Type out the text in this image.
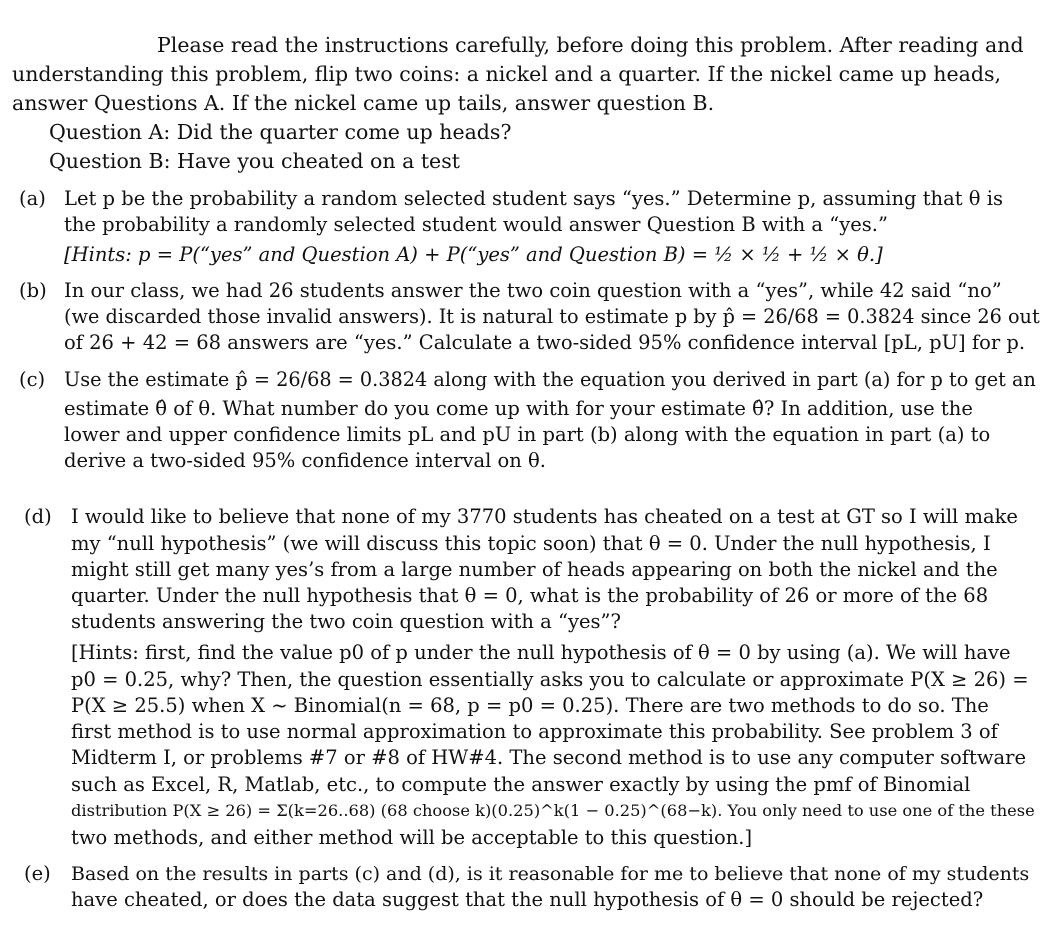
Please read the instructions carefully, before doing this problem. After reading and
understanding this problem, flip two coins: a nickel and a quarter. If the nickel came up heads,
answer Questions A. If the nickel came up tails, answer question B.
Question A: Did the quarter come up heads?
Question B: Have you cheated on a test
(a) Let p be the probability a random selected student says “yes.” Determine p, assuming that θ is
the probability a randomly selected student would answer Question B with a “yes.”
[Hints: p = P(“yes” and Question A) + P(“yes” and Question B) = ½ × ½ + ½ × θ.]
(b) In our class, we had 26 students answer the two coin question with a “yes”, while 42 said “no”
(we discarded those invalid answers). It is natural to estimate p by p̂ = 26/68 = 0.3824 since 26 out
of 26 + 42 = 68 answers are “yes.” Calculate a two-sided 95% confidence interval [pL, pU] for p.
(c) Use the estimate p̂ = 26/68 = 0.3824 along with the equation you derived in part (a) for p to get an
estimate θ̂ of θ. What number do you come up with for your estimate θ̂? In addition, use the
lower and upper confidence limits pL and pU in part (b) along with the equation in part (a) to
derive a two-sided 95% confidence interval on θ.
(d) I would like to believe that none of my 3770 students has cheated on a test at GT so I will make
my “null hypothesis” (we will discuss this topic soon) that θ = 0. Under the null hypothesis, I
might still get many yes’s from a large number of heads appearing on both the nickel and the
quarter. Under the null hypothesis that θ = 0, what is the probability of 26 or more of the 68
students answering the two coin question with a “yes”?
[Hints: first, find the value p0 of p under the null hypothesis of θ = 0 by using (a). We will have
p0 = 0.25, why? Then, the question essentially asks you to calculate or approximate P(X ≥ 26) =
P(X ≥ 25.5) when X ~ Binomial(n = 68, p = p0 = 0.25). There are two methods to do so. The
first method is to use normal approximation to approximate this probability. See problem 3 of
Midterm I, or problems #7 or #8 of HW#4. The second method is to use any computer software
such as Excel, R, Matlab, etc., to compute the answer exactly by using the pmf of Binomial
distribution P(X ≥ 26) = Σ(k=26..68) (68 choose k)(0.25)^k(1 − 0.25)^(68−k). You only need to use one of the these
two methods, and either method will be acceptable to this question.]
(e) Based on the results in parts (c) and (d), is it reasonable for me to believe that none of my students
have cheated, or does the data suggest that the null hypothesis of θ = 0 should be rejected?
